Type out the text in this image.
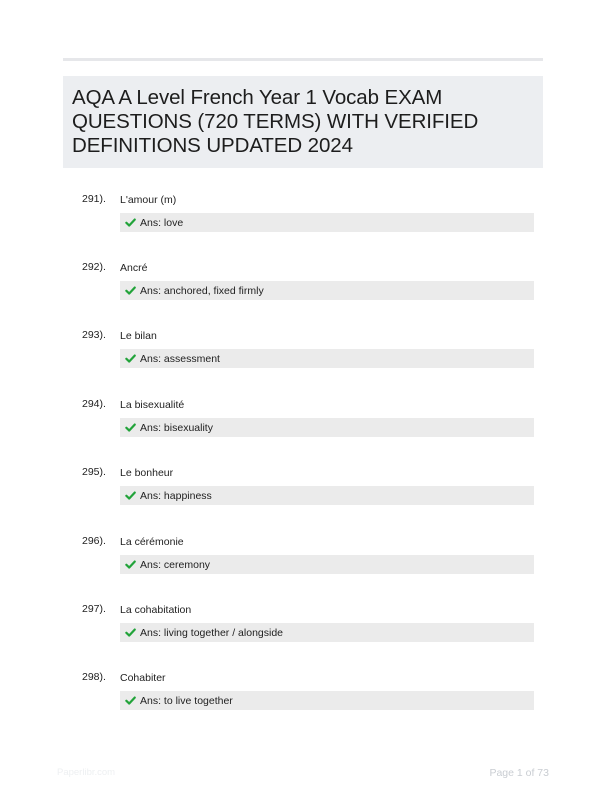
AQA A Level French Year 1 Vocab EXAM QUESTIONS (720 TERMS) WITH VERIFIED DEFINITIONS UPDATED 2024
291). L'amour (m)
Ans: love
292). Ancré
Ans: anchored, fixed firmly
293). Le bilan
Ans: assessment
294). La bisexualité
Ans: bisexuality
295). Le bonheur
Ans: happiness
296). La cérémonie
Ans: ceremony
297). La cohabitation
Ans: living together / alongside
298). Cohabiter
Ans: to live together
Paperlibr.com	Page 1 of 73
